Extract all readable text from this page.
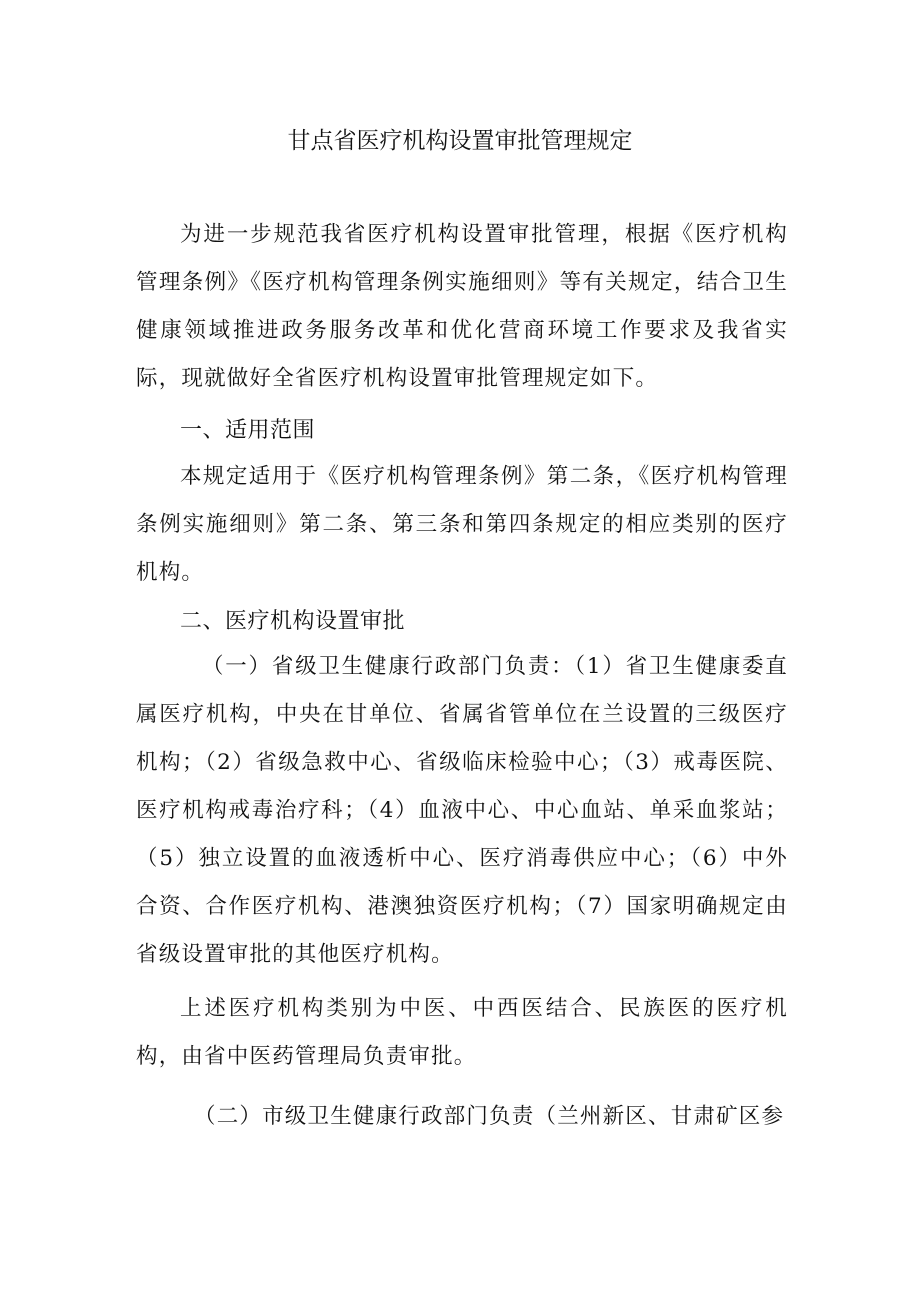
甘点省医疗机构设置审批管理规定

为进一步规范我省医疗机构设置审批管理，根据《医疗机构管理条例》《医疗机构管理条例实施细则》等有关规定，结合卫生健康领域推进政务服务改革和优化营商环境工作要求及我省实际，现就做好全省医疗机构设置审批管理规定如下。

一、适用范围

本规定适用于《医疗机构管理条例》第二条，《医疗机构管理条例实施细则》第二条、第三条和第四条规定的相应类别的医疗机构。

二、医疗机构设置审批

（一）省级卫生健康行政部门负责：（1）省卫生健康委直属医疗机构，中央在甘单位、省属省管单位在兰设置的三级医疗机构；（2）省级急救中心、省级临床检验中心；（3）戒毒医院、医疗机构戒毒治疗科；（4）血液中心、中心血站、单采血浆站；（5）独立设置的血液透析中心、医疗消毒供应中心；（6）中外合资、合作医疗机构、港澳独资医疗机构；（7）国家明确规定由省级设置审批的其他医疗机构。

上述医疗机构类别为中医、中西医结合、民族医的医疗机构，由省中医药管理局负责审批。

（二）市级卫生健康行政部门负责（兰州新区、甘肃矿区参
